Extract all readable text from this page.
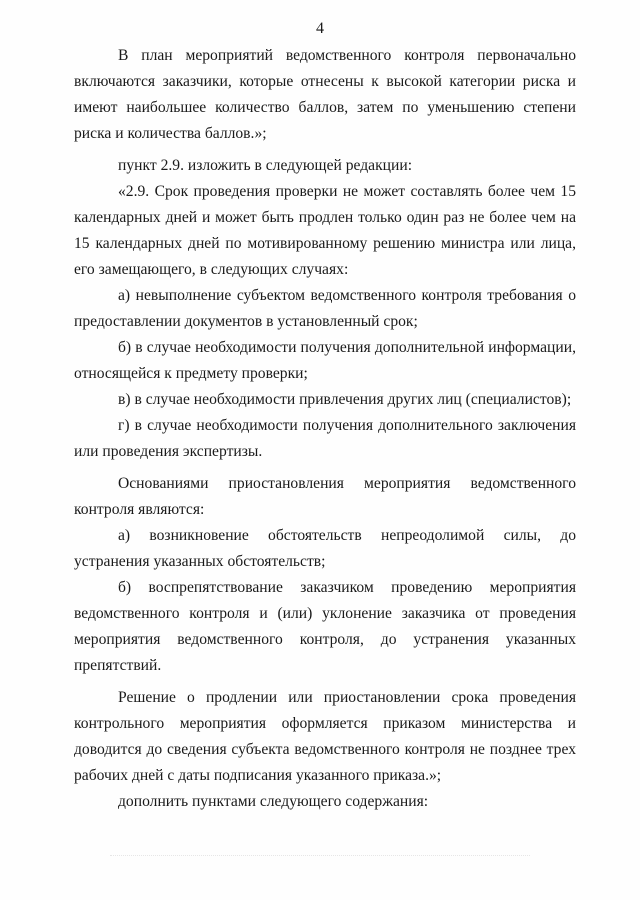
4

В план мероприятий ведомственного контроля первоначально включаются заказчики, которые отнесены к высокой категории риска и имеют наибольшее количество баллов, затем по уменьшению степени риска и количества баллов.»;

пункт 2.9. изложить в следующей редакции:

«2.9. Срок проведения проверки не может составлять более чем 15 календарных дней и может быть продлен только один раз не более чем на 15 календарных дней по мотивированному решению министра или лица, его замещающего, в следующих случаях:

а) невыполнение субъектом ведомственного контроля требования о предоставлении документов в установленный срок;

б) в случае необходимости получения дополнительной информации, относящейся к предмету проверки;

в) в случае необходимости привлечения других лиц (специалистов);

г) в случае необходимости получения дополнительного заключения или проведения экспертизы.

Основаниями приостановления мероприятия ведомственного контроля являются:

а) возникновение обстоятельств непреодолимой силы, до устранения указанных обстоятельств;

б) воспрепятствование заказчиком проведению мероприятия ведомственного контроля и (или) уклонение заказчика от проведения мероприятия ведомственного контроля, до устранения указанных препятствий.

Решение о продлении или приостановлении срока проведения контрольного мероприятия оформляется приказом министерства и доводится до сведения субъекта ведомственного контроля не позднее трех рабочих дней с даты подписания указанного приказа.»;

дополнить пунктами следующего содержания:
